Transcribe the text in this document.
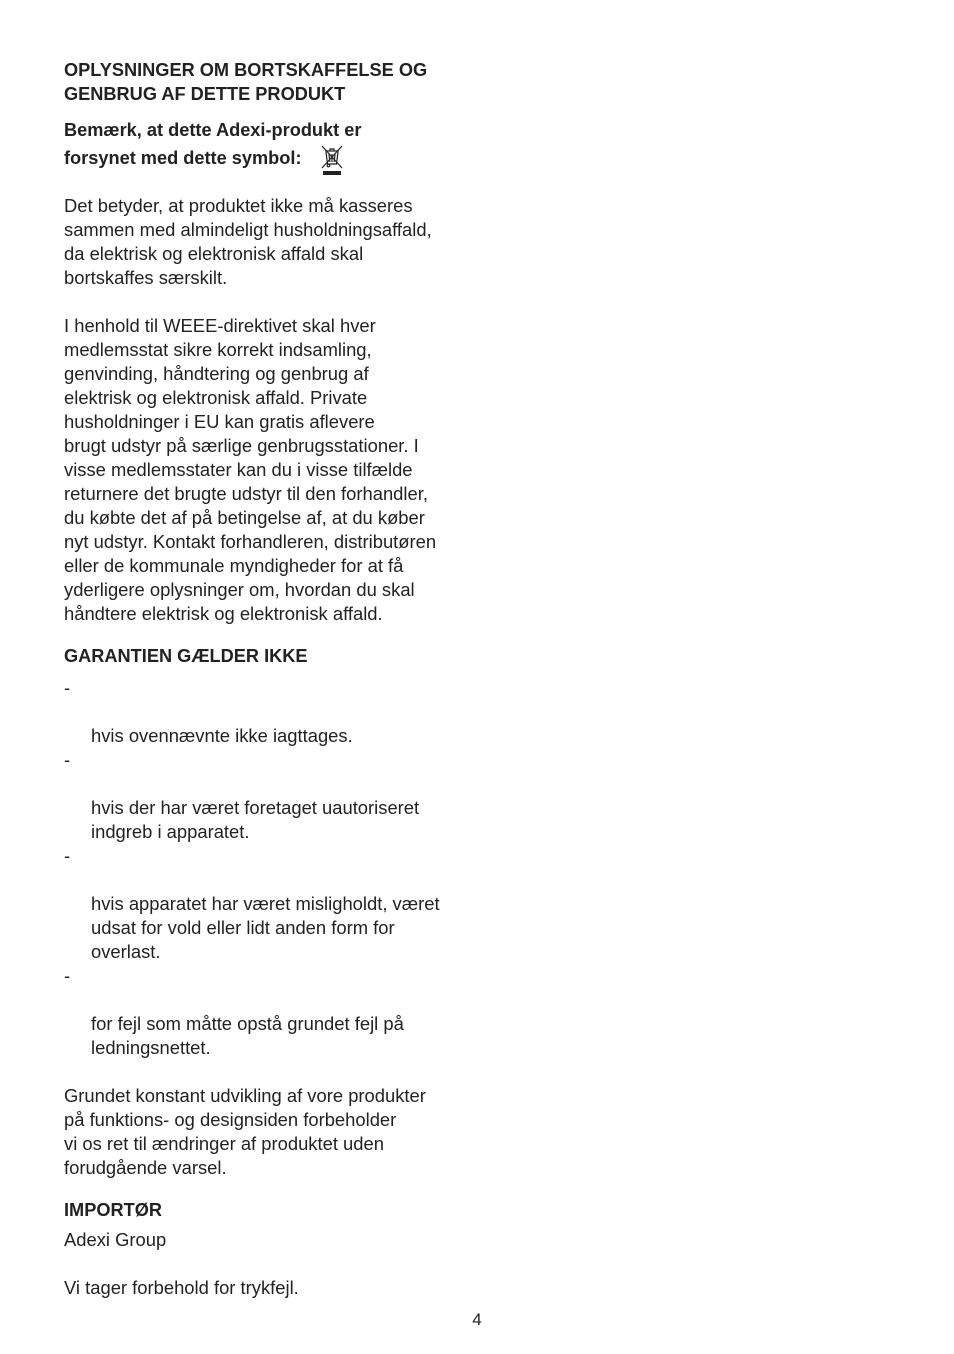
OPLYSNINGER OM BORTSKAFFELSE OG
GENBRUG AF DETTE PRODUKT

Bemærk, at dette Adexi-produkt er
forsynet med dette symbol:

Det betyder, at produktet ikke må kasseres
sammen med almindeligt husholdningsaffald,
da elektrisk og elektronisk affald skal
bortskaffes særskilt.

I henhold til WEEE-direktivet skal hver
medlemsstat sikre korrekt indsamling,
genvinding, håndtering og genbrug af
elektrisk og elektronisk affald. Private
husholdninger i EU kan gratis aflevere
brugt udstyr på særlige genbrugsstationer. I
visse medlemsstater kan du i visse tilfælde
returnere det brugte udstyr til den forhandler,
du købte det af på betingelse af, at du køber
nyt udstyr. Kontakt forhandleren, distributøren
eller de kommunale myndigheder for at få
yderligere oplysninger om, hvordan du skal
håndtere elektrisk og elektronisk affald.

GARANTIEN GÆLDER IKKE

-

hvis ovennævnte ikke iagttages.

-

hvis der har været foretaget uautoriseret
indgreb i apparatet.

-

hvis apparatet har været misligholdt, været
udsat for vold eller lidt anden form for
overlast.

-

for fejl som måtte opstå grundet fejl på
ledningsnettet.

Grundet konstant udvikling af vore produkter
på funktions- og designsiden forbeholder
vi os ret til ændringer af produktet uden
forudgående varsel.

IMPORTØR

Adexi Group

Vi tager forbehold for trykfejl.

4
